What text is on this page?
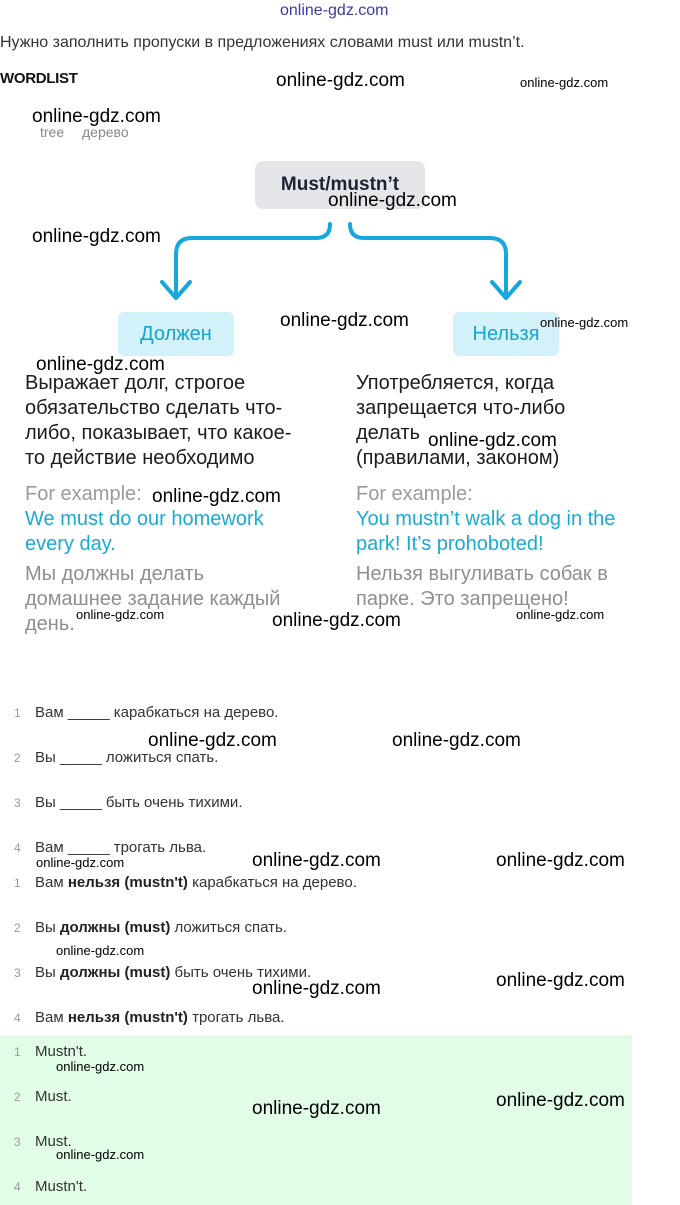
online-gdz.com
Нужно заполнить пропуски в предложениях словами must или mustn’t.
WORDLIST
tree дерево
Must/mustn’t
Должен	Нельзя
Выражает долг, строгое
обязательство сделать что-
либо, показывает, что какое-
то действие необходимо
For example:
We must do our homework
every day.
Мы должны делать
домашнее задание каждый
день.
Употребляется, когда
запрещается что-либо
делать
(правилами, законом)
For example:
You mustn’t walk a dog in the
park! It’s prohoboted!
Нельзя выгуливать собак в
парке. Это запрещено!
1 Вам _____ карабкаться на дерево.
2 Вы _____ ложиться спать.
3 Вы _____ быть очень тихими.
4 Вам _____ трогать льва.
1 Вам нельзя (mustn't) карабкаться на дерево.
2 Вы должны (must) ложиться спать.
3 Вы должны (must) быть очень тихими.
4 Вам нельзя (mustn't) трогать льва.
1 Mustn't.
2 Must.
3 Must.
4 Mustn't.
online-gdz.com	online-gdz.com
online-gdz.com
online-gdz.com
online-gdz.com
online-gdz.com	online-gdz.com
online-gdz.com
online-gdz.com
online-gdz.com
online-gdz.com	online-gdz.com	online-gdz.com
online-gdz.com	online-gdz.com
online-gdz.com	online-gdz.com	online-gdz.com
online-gdz.com
online-gdz.com	online-gdz.com
online-gdz.com
online-gdz.com	online-gdz.com
online-gdz.com
